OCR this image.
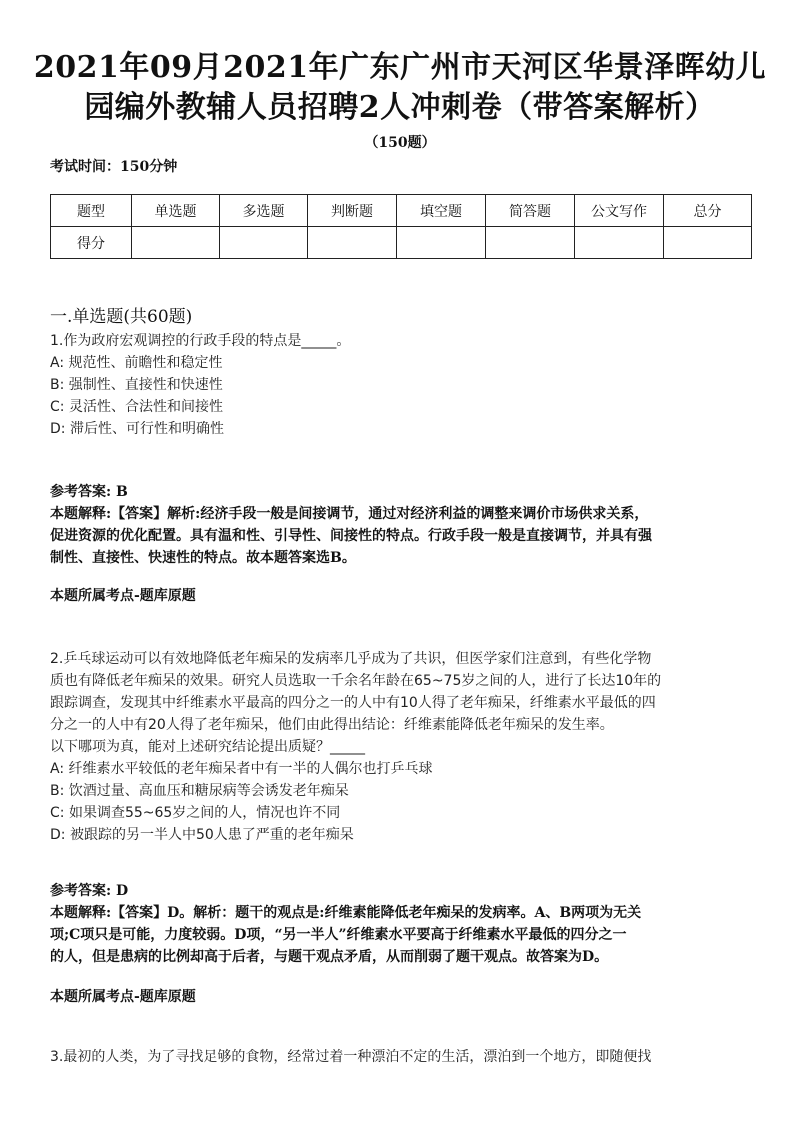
2021年09月2021年广东广州市天河区华景泽晖幼儿
园编外教辅人员招聘2人冲刺卷（带答案解析）
（150题）
考试时间：150分钟
题型	单选题	多选题	判断题	填空题	简答题	公文写作	总分
得分							
一.单选题(共60题)
1.作为政府宏观调控的行政手段的特点是_____。
A: 规范性、前瞻性和稳定性
B: 强制性、直接性和快速性
C: 灵活性、合法性和间接性
D: 滞后性、可行性和明确性
参考答案: B
本题解释:【答案】解析:经济手段一般是间接调节，通过对经济利益的调整来调价市场供求关系，
促进资源的优化配置。具有温和性、引导性、间接性的特点。行政手段一般是直接调节，并具有强
制性、直接性、快速性的特点。故本题答案选B。
本题所属考点-题库原题
2.乒乓球运动可以有效地降低老年痴呆的发病率几乎成为了共识，但医学家们注意到，有些化学物
质也有降低老年痴呆的效果。研究人员选取一千余名年龄在65~75岁之间的人，进行了长达10年的
跟踪调查，发现其中纤维素水平最高的四分之一的人中有10人得了老年痴呆，纤维素水平最低的四
分之一的人中有20人得了老年痴呆，他们由此得出结论：纤维素能降低老年痴呆的发生率。
以下哪项为真，能对上述研究结论提出质疑？_____
A: 纤维素水平较低的老年痴呆者中有一半的人偶尔也打乒乓球
B: 饮酒过量、高血压和糖尿病等会诱发老年痴呆
C: 如果调查55~65岁之间的人，情况也许不同
D: 被跟踪的另一半人中50人患了严重的老年痴呆
参考答案: D
本题解释:【答案】D。解析：题干的观点是:纤维素能降低老年痴呆的发病率。A、B两项为无关
项;C项只是可能，力度较弱。D项，“另一半人”纤维素水平要高于纤维素水平最低的四分之一
的人，但是患病的比例却高于后者，与题干观点矛盾，从而削弱了题干观点。故答案为D。
本题所属考点-题库原题
3.最初的人类，为了寻找足够的食物，经常过着一种漂泊不定的生活，漂泊到一个地方，即随便找
